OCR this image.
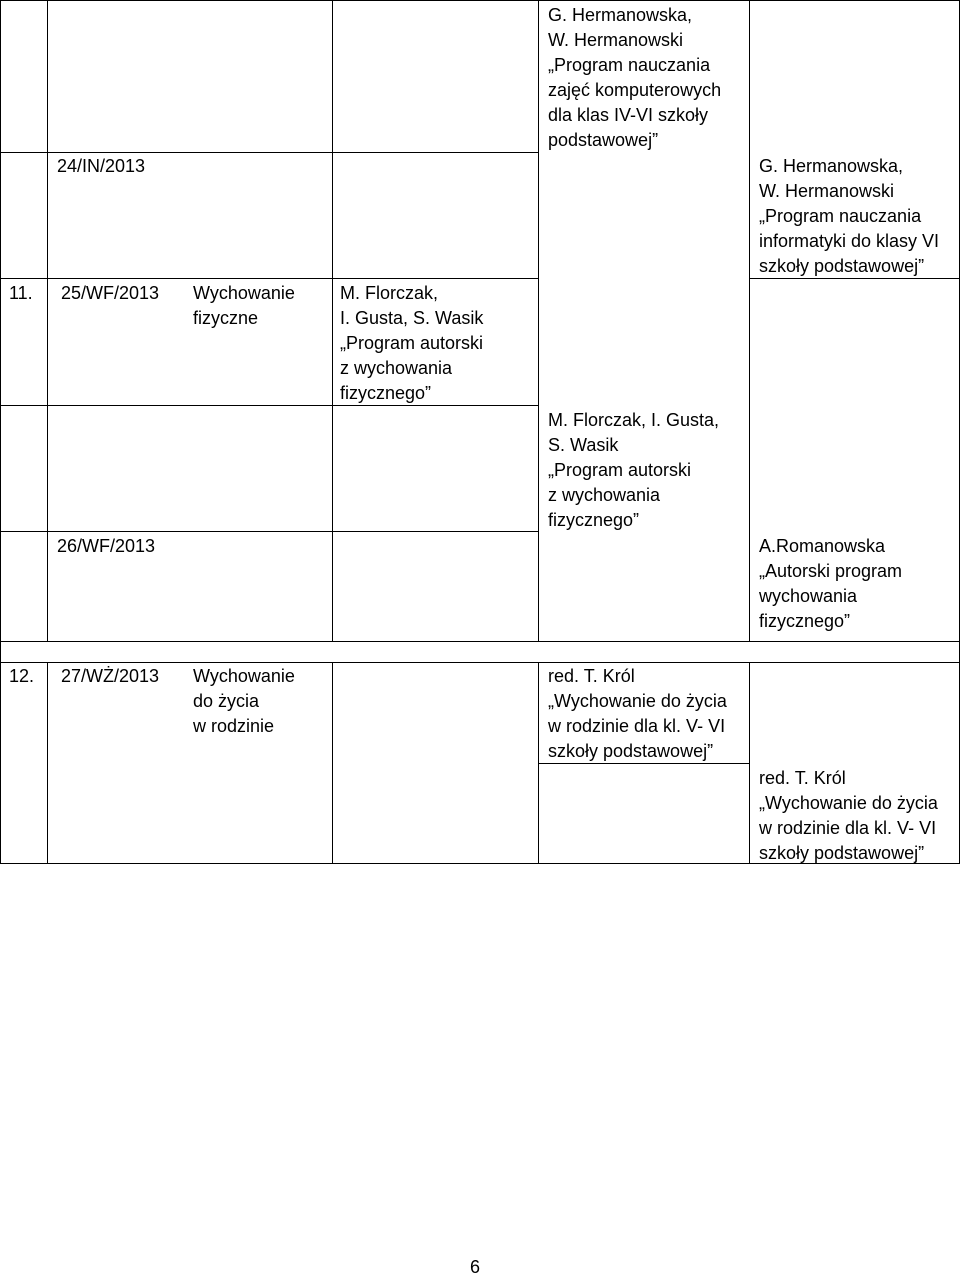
24/IN/2013
G. Hermanowska,
W. Hermanowski
„Program nauczania
zajęć komputerowych
dla klas IV-VI szkoły
podstawowej”
G. Hermanowska,
W. Hermanowski
„Program nauczania
informatyki do klasy VI
szkoły podstawowej”
11. 25/WF/2013 Wychowanie
fizyczne
M. Florczak,
I. Gusta, S. Wasik
„Program autorski
z wychowania
fizycznego”
26/WF/2013
M. Florczak, I. Gusta,
S. Wasik
„Program autorski
z wychowania
fizycznego”
A.Romanowska
„Autorski program
wychowania
fizycznego”
12. 27/WŻ/2013 Wychowanie
do życia
w rodzinie
red. T. Król
„Wychowanie do życia
w rodzinie dla kl. V- VI
szkoły podstawowej”
red. T. Król
„Wychowanie do życia
w rodzinie dla kl. V- VI
szkoły podstawowej”
6
